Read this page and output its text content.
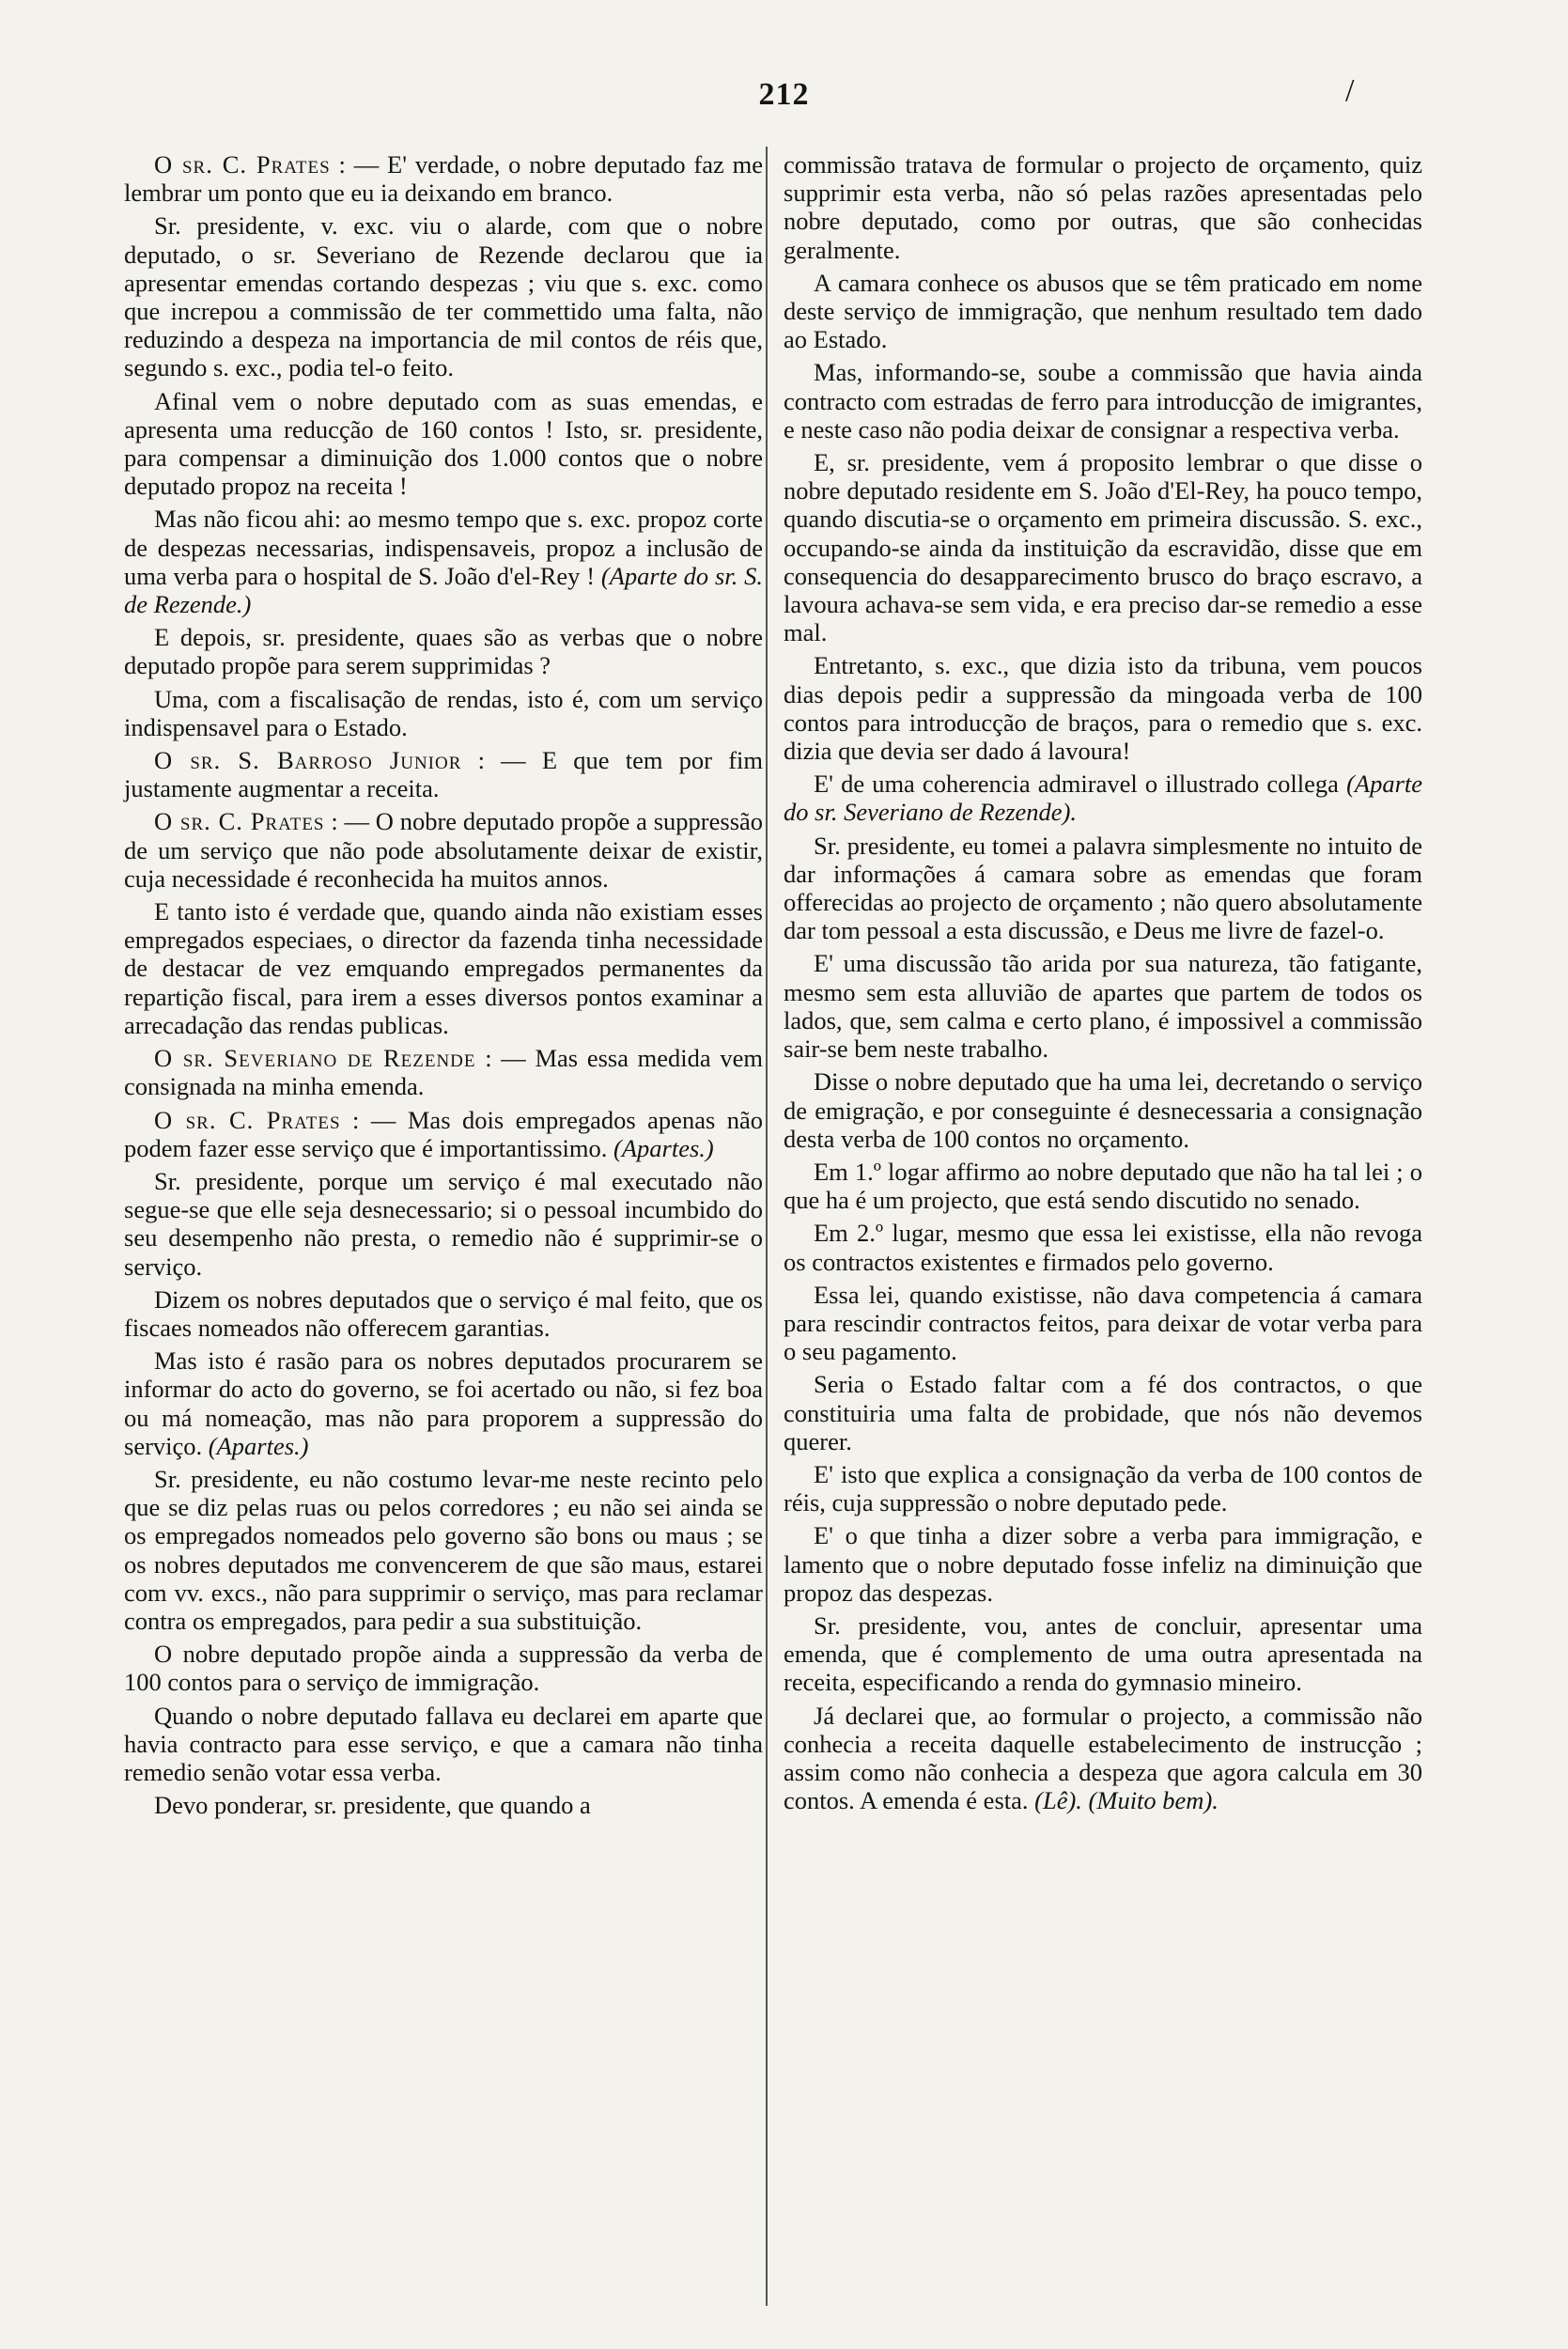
212	/

O sr. C. Prates : — E' verdade, o nobre deputado faz me lembrar um ponto que eu ia deixando em branco.

Sr. presidente, v. exc. viu o alarde, com que o nobre deputado, o sr. Severiano de Rezende declarou que ia apresentar emendas cortando despezas ; viu que s. exc. como que increpou a commissão de ter commettido uma falta, não reduzindo a despeza na importancia de mil contos de réis que, segundo s. exc., podia tel-o feito.

Afinal vem o nobre deputado com as suas emendas, e apresenta uma reducção de 160 contos ! Isto, sr. presidente, para compensar a diminuição dos 1.000 contos que o nobre deputado propoz na receita !

Mas não ficou ahi: ao mesmo tempo que s. exc. propoz corte de despezas necessarias, indispensaveis, propoz a inclusão de uma verba para o hospital de S. João d'el-Rey ! (Aparte do sr. S. de Rezende.)

E depois, sr. presidente, quaes são as verbas que o nobre deputado propõe para serem supprimidas ?

Uma, com a fiscalisação de rendas, isto é, com um serviço indispensavel para o Estado.

O sr. S. Barroso Junior : — E que tem por fim justamente augmentar a receita.

O sr. C. Prates : — O nobre deputado propõe a suppressão de um serviço que não pode absolutamente deixar de existir, cuja necessidade é reconhecida ha muitos annos.

E tanto isto é verdade que, quando ainda não existiam esses empregados especiaes, o director da fazenda tinha necessidade de destacar de vez emquando empregados permanentes da repartição fiscal, para irem a esses diversos pontos examinar a arrecadação das rendas publicas.

O sr. Severiano de Rezende : — Mas essa medida vem consignada na minha emenda.

O sr. C. Prates : — Mas dois empregados apenas não podem fazer esse serviço que é importantissimo. (Apartes.)

Sr. presidente, porque um serviço é mal executado não segue-se que elle seja desnecessario; si o pessoal incumbido do seu desempenho não presta, o remedio não é supprimir-se o serviço.

Dizem os nobres deputados que o serviço é mal feito, que os fiscaes nomeados não offerecem garantias.

Mas isto é rasão para os nobres deputados procurarem se informar do acto do governo, se foi acertado ou não, si fez boa ou má nomeação, mas não para proporem a suppressão do serviço. (Apartes.)

Sr. presidente, eu não costumo levar-me neste recinto pelo que se diz pelas ruas ou pelos corredores ; eu não sei ainda se os empregados nomeados pelo governo são bons ou maus ; se os nobres deputados me convencerem de que são maus, estarei com vv. excs., não para supprimir o serviço, mas para reclamar contra os empregados, para pedir a sua substituição.

O nobre deputado propõe ainda a suppressão da verba de 100 contos para o serviço de immigração.

Quando o nobre deputado fallava eu declarei em aparte que havia contracto para esse serviço, e que a camara não tinha remedio senão votar essa verba.

Devo ponderar, sr. presidente, que quando a

commissão tratava de formular o projecto de orçamento, quiz supprimir esta verba, não só pelas razões apresentadas pelo nobre deputado, como por outras, que são conhecidas geralmente.

A camara conhece os abusos que se têm praticado em nome deste serviço de immigração, que nenhum resultado tem dado ao Estado.

Mas, informando-se, soube a commissão que havia ainda contracto com estradas de ferro para introducção de imigrantes, e neste caso não podia deixar de consignar a respectiva verba.

E, sr. presidente, vem á proposito lembrar o que disse o nobre deputado residente em S. João d'El-Rey, ha pouco tempo, quando discutia-se o orçamento em primeira discussão. S. exc., occupando-se ainda da instituição da escravidão, disse que em consequencia do desapparecimento brusco do braço escravo, a lavoura achava-se sem vida, e era preciso dar-se remedio a esse mal.

Entretanto, s. exc., que dizia isto da tribuna, vem poucos dias depois pedir a suppressão da mingoada verba de 100 contos para introducção de braços, para o remedio que s. exc. dizia que devia ser dado á lavoura!

E' de uma coherencia admiravel o illustrado collega (Aparte do sr. Severiano de Rezende).

Sr. presidente, eu tomei a palavra simplesmente no intuito de dar informações á camara sobre as emendas que foram offerecidas ao projecto de orçamento ; não quero absolutamente dar tom pessoal a esta discussão, e Deus me livre de fazel-o.

E' uma discussão tão arida por sua natureza, tão fatigante, mesmo sem esta alluvião de apartes que partem de todos os lados, que, sem calma e certo plano, é impossivel a commissão sair-se bem neste trabalho.

Disse o nobre deputado que ha uma lei, decretando o serviço de emigração, e por conseguinte é desnecessaria a consignação desta verba de 100 contos no orçamento.

Em 1.º logar affirmo ao nobre deputado que não ha tal lei ; o que ha é um projecto, que está sendo discutido no senado.

Em 2.º lugar, mesmo que essa lei existisse, ella não revoga os contractos existentes e firmados pelo governo.

Essa lei, quando existisse, não dava competencia á camara para rescindir contractos feitos, para deixar de votar verba para o seu pagamento.

Seria o Estado faltar com a fé dos contractos, o que constituiria uma falta de probidade, que nós não devemos querer.

E' isto que explica a consignação da verba de 100 contos de réis, cuja suppressão o nobre deputado pede.

E' o que tinha a dizer sobre a verba para immigração, e lamento que o nobre deputado fosse infeliz na diminuição que propoz das despezas.

Sr. presidente, vou, antes de concluir, apresentar uma emenda, que é complemento de uma outra apresentada na receita, especificando a renda do gymnasio mineiro.

Já declarei que, ao formular o projecto, a commissão não conhecia a receita daquelle estabelecimento de instrucção ; assim como não conhecia a despeza que agora calcula em 30 contos. A emenda é esta. (Lê). (Muito bem).
